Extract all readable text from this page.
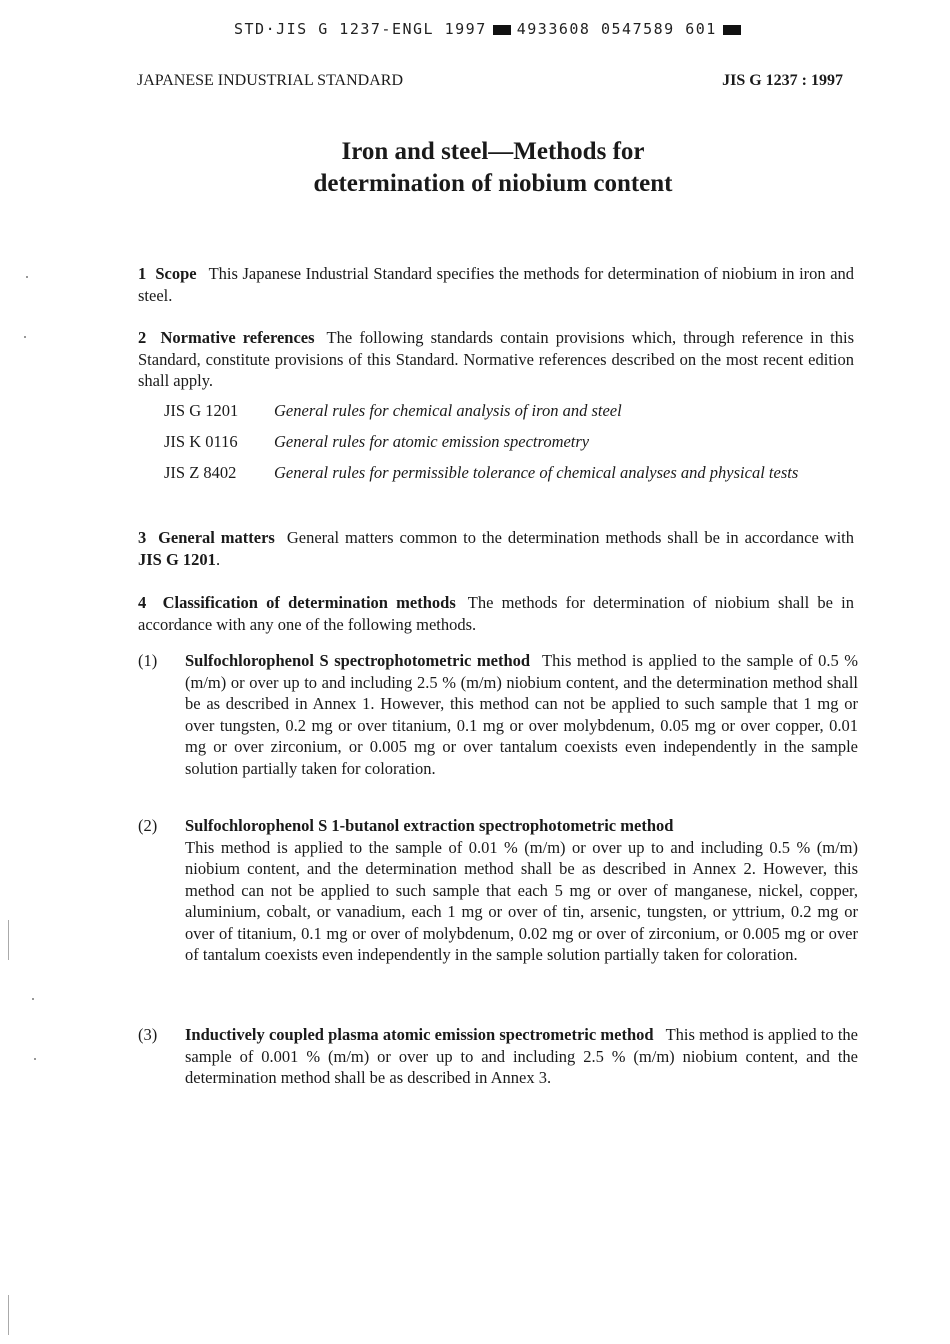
STD·JIS G 1237-ENGL 1997 4933608 0547589 601
JAPANESE INDUSTRIAL STANDARD	JIS G 1237 : 1997
Iron and steel—Methods for
determination of niobium content
1 Scope This Japanese Industrial Standard specifies the methods for determination of niobium in iron and steel.
2 Normative references The following standards contain provisions which, through reference in this Standard, constitute provisions of this Standard. Normative references described on the most recent edition shall apply.
JIS G 1201 General rules for chemical analysis of iron and steel
JIS K 0116 General rules for atomic emission spectrometry
JIS Z 8402 General rules for permissible tolerance of chemical analyses and physical tests
3 General matters General matters common to the determination methods shall be in accordance with JIS G 1201.
4 Classification of determination methods The methods for determination of niobium shall be in accordance with any one of the following methods.
(1) Sulfochlorophenol S spectrophotometric method This method is applied to the sample of 0.5 % (m/m) or over up to and including 2.5 % (m/m) niobium content, and the determination method shall be as described in Annex 1. However, this method can not be applied to such sample that 1 mg or over tungsten, 0.2 mg or over titanium, 0.1 mg or over molybdenum, 0.05 mg or over copper, 0.01 mg or over zirconium, or 0.005 mg or over tantalum coexists even independently in the sample solution partially taken for coloration.
(2) Sulfochlorophenol S 1-butanol extraction spectrophotometric method
This method is applied to the sample of 0.01 % (m/m) or over up to and including 0.5 % (m/m) niobium content, and the determination method shall be as described in Annex 2. However, this method can not be applied to such sample that each 5 mg or over of manganese, nickel, copper, aluminium, cobalt, or vanadium, each 1 mg or over of tin, arsenic, tungsten, or yttrium, 0.2 mg or over of titanium, 0.1 mg or over of molybdenum, 0.02 mg or over of zirconium, or 0.005 mg or over of tantalum coexists even independently in the sample solution partially taken for coloration.
(3) Inductively coupled plasma atomic emission spectrometric method This method is applied to the sample of 0.001 % (m/m) or over up to and including 2.5 % (m/m) niobium content, and the determination method shall be as described in Annex 3.
